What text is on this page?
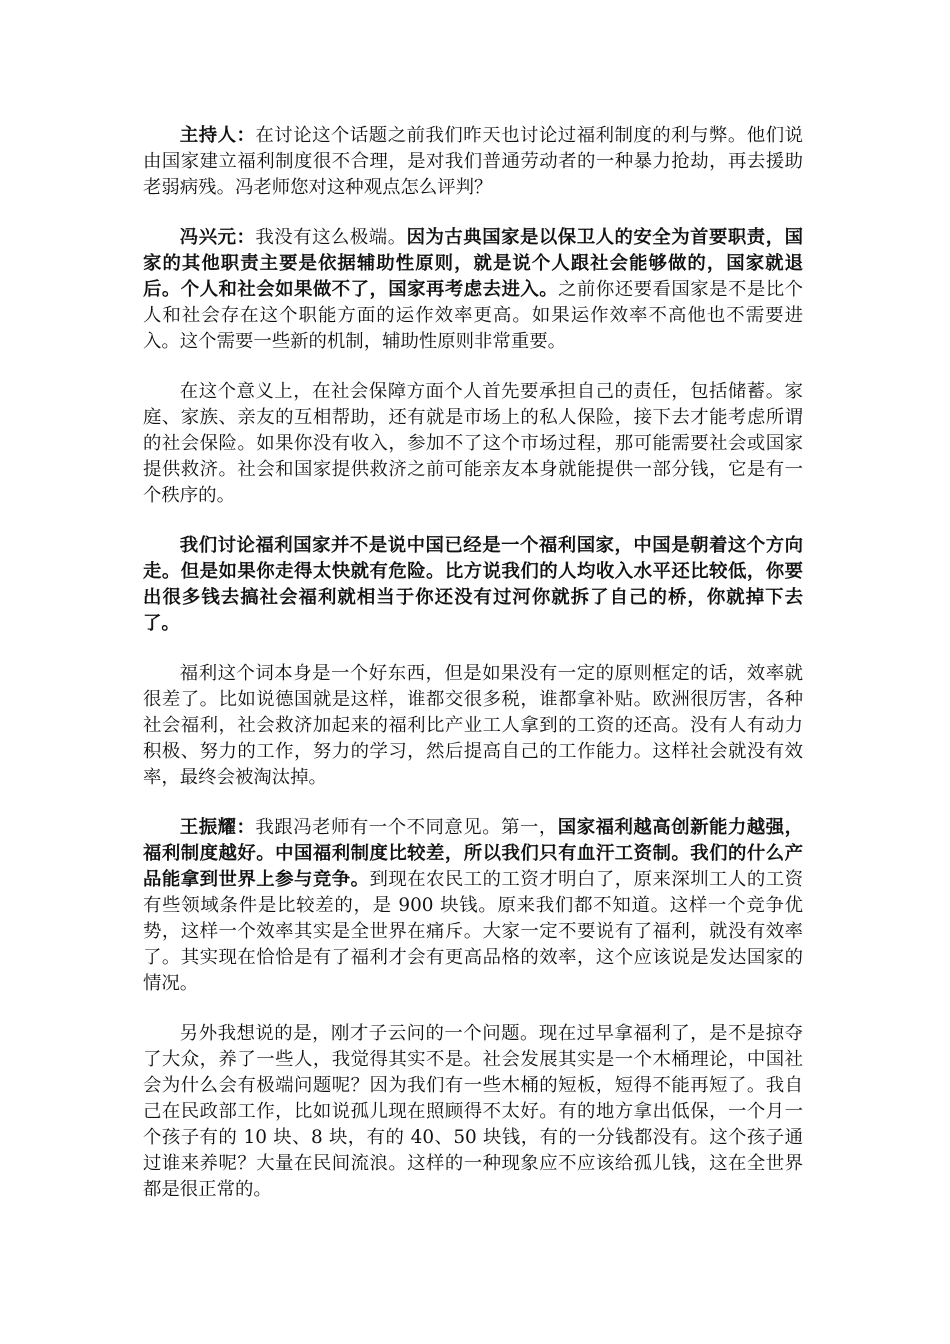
主持人：在讨论这个话题之前我们昨天也讨论过福利制度的利与弊。他们说由国家建立福利制度很不合理，是对我们普通劳动者的一种暴力抢劫，再去援助老弱病残。冯老师您对这种观点怎么评判？

冯兴元：我没有这么极端。因为古典国家是以保卫人的安全为首要职责，国家的其他职责主要是依据辅助性原则，就是说个人跟社会能够做的，国家就退后。个人和社会如果做不了，国家再考虑去进入。之前你还要看国家是不是比个人和社会存在这个职能方面的运作效率更高。如果运作效率不高他也不需要进入。这个需要一些新的机制，辅助性原则非常重要。

在这个意义上，在社会保障方面个人首先要承担自己的责任，包括储蓄。家庭、家族、亲友的互相帮助，还有就是市场上的私人保险，接下去才能考虑所谓的社会保险。如果你没有收入，参加不了这个市场过程，那可能需要社会或国家提供救济。社会和国家提供救济之前可能亲友本身就能提供一部分钱，它是有一个秩序的。

我们讨论福利国家并不是说中国已经是一个福利国家，中国是朝着这个方向走。但是如果你走得太快就有危险。比方说我们的人均收入水平还比较低，你要出很多钱去搞社会福利就相当于你还没有过河你就拆了自己的桥，你就掉下去了。

福利这个词本身是一个好东西，但是如果没有一定的原则框定的话，效率就很差了。比如说德国就是这样，谁都交很多税，谁都拿补贴。欧洲很厉害，各种社会福利，社会救济加起来的福利比产业工人拿到的工资的还高。没有人有动力积极、努力的工作，努力的学习，然后提高自己的工作能力。这样社会就没有效率，最终会被淘汰掉。

王振耀：我跟冯老师有一个不同意见。第一，国家福利越高创新能力越强，福利制度越好。中国福利制度比较差，所以我们只有血汗工资制。我们的什么产品能拿到世界上参与竞争。到现在农民工的工资才明白了，原来深圳工人的工资有些领域条件是比较差的，是 900 块钱。原来我们都不知道。这样一个竞争优势，这样一个效率其实是全世界在痛斥。大家一定不要说有了福利，就没有效率了。其实现在恰恰是有了福利才会有更高品格的效率，这个应该说是发达国家的情况。

另外我想说的是，刚才子云问的一个问题。现在过早拿福利了，是不是掠夺了大众，养了一些人，我觉得其实不是。社会发展其实是一个木桶理论，中国社会为什么会有极端问题呢？因为我们有一些木桶的短板，短得不能再短了。我自己在民政部工作，比如说孤儿现在照顾得不太好。有的地方拿出低保，一个月一个孩子有的 10 块、8 块，有的 40、50 块钱，有的一分钱都没有。这个孩子通过谁来养呢？大量在民间流浪。这样的一种现象应不应该给孤儿钱，这在全世界都是很正常的。
